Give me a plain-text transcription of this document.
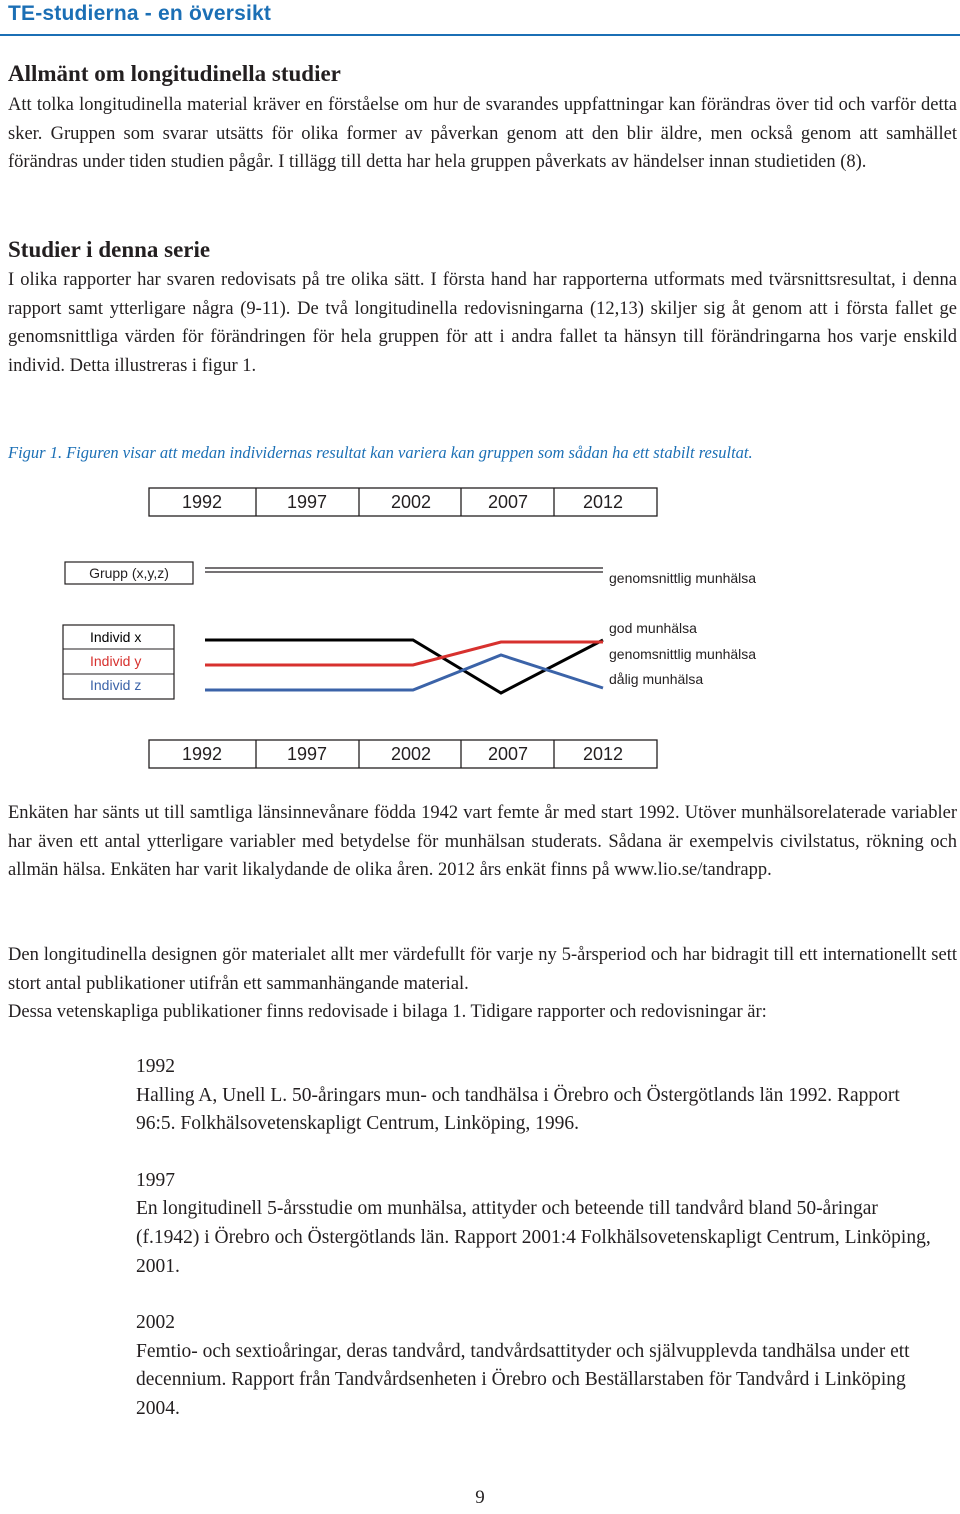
TE-studierna - en översikt
Allmänt om longitudinella studier

Att tolka longitudinella material kräver en förståelse om hur de svarandes uppfattningar kan förändras över tid och varför detta sker. Gruppen som svarar utsätts för olika former av påverkan genom att den blir äldre, men också genom att samhället förändras under tiden studien pågår. I tillägg till detta har hela gruppen påverkats av händelser innan studietiden (8).

Studier i denna serie

I olika rapporter har svaren redovisats på tre olika sätt. I första hand har rapporterna utformats med tvärsnittsresultat, i denna rapport samt ytterligare några (9-11). De två longitudinella redovisningarna (12,13) skiljer sig åt genom att i första fallet ge genomsnittliga värden för förändringen för hela gruppen för att i andra fallet ta hänsyn till förändringarna hos varje enskild individ. Detta illustreras i figur 1.

Figur 1. Figuren visar att medan individernas resultat kan variera kan gruppen som sådan ha ett stabilt resultat.
1992	1997	2002	2007	2012
Grupp (x,y,z)	genomsnittlig munhälsa
Individ x
Individ y
Individ z
god munhälsa
genomsnittlig munhälsa
dålig munhälsa
1992	1997	2002	2007	2012

Enkäten har sänts ut till samtliga länsinnevånare födda 1942 vart femte år med start 1992. Utöver munhälsorelaterade variabler har även ett antal ytterligare variabler med betydelse för munhälsan studerats. Sådana är exempelvis civilstatus, rökning och allmän hälsa. Enkäten har varit likalydande de olika åren. 2012 års enkät finns på www.lio.se/tandrapp.

Den longitudinella designen gör materialet allt mer värdefullt för varje ny 5-årsperiod och har bidragit till ett internationellt sett stort antal publikationer utifrån ett sammanhängande material.

Dessa vetenskapliga publikationer finns redovisade i bilaga 1. Tidigare rapporter och redovisningar är:

1992
Halling A, Unell L. 50-åringars mun- och tandhälsa i Örebro och Östergötlands län 1992. Rapport 96:5. Folkhälsovetenskapligt Centrum, Linköping, 1996.
1997
En longitudinell 5-årsstudie om munhälsa, attityder och beteende till tandvård bland 50-åringar (f.1942) i Örebro och Östergötlands län. Rapport 2001:4 Folkhälsovetenskapligt Centrum, Linköping, 2001.
2002
Femtio- och sextioåringar, deras tandvård, tandvårdsattityder och självupplevda tandhälsa under ett decennium. Rapport från Tandvårdsenheten i Örebro och Beställarstaben för Tandvård i Linköping 2004.
9
